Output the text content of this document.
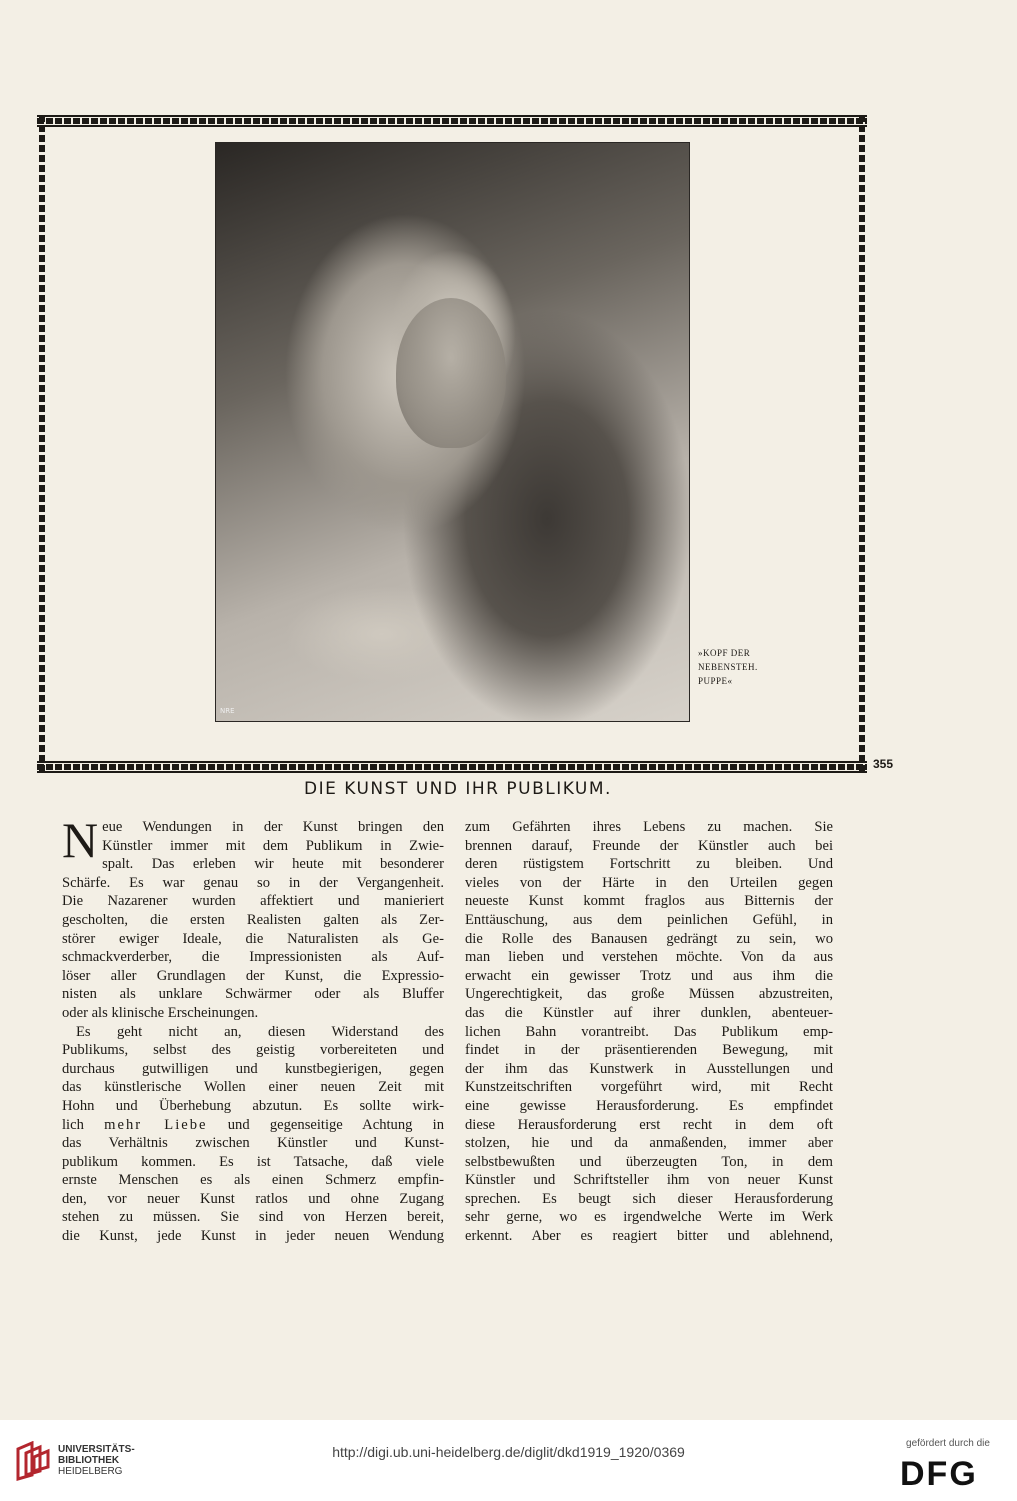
NRE
»KOPF DER
NEBENSTEH.
PUPPE«
355
DIE KUNST UND IHR PUBLIKUM.
N eue Wendungen in der Kunst bringen den
Künstler immer mit dem Publikum in Zwie-
spalt. Das erleben wir heute mit besonderer
Schärfe. Es war genau so in der Vergangenheit.
Die Nazarener wurden affektiert und manieriert
gescholten, die ersten Realisten galten als Zer-
störer ewiger Ideale, die Naturalisten als Ge-
schmackverderber, die Impressionisten als Auf-
löser aller Grundlagen der Kunst, die Expressio-
nisten als unklare Schwärmer oder als Bluffer
oder als klinische Erscheinungen.
Es geht nicht an, diesen Widerstand des
Publikums, selbst des geistig vorbereiteten und
durchaus gutwilligen und kunstbegierigen, gegen
das künstlerische Wollen einer neuen Zeit mit
Hohn und Überhebung abzutun. Es sollte wirk-
lich mehr Liebe und gegenseitige Achtung in
das Verhältnis zwischen Künstler und Kunst-
publikum kommen. Es ist Tatsache, daß viele
ernste Menschen es als einen Schmerz empfin-
den, vor neuer Kunst ratlos und ohne Zugang
stehen zu müssen. Sie sind von Herzen bereit,
die Kunst, jede Kunst in jeder neuen Wendung
zum Gefährten ihres Lebens zu machen. Sie
brennen darauf, Freunde der Künstler auch bei
deren rüstigstem Fortschritt zu bleiben. Und
vieles von der Härte in den Urteilen gegen
neueste Kunst kommt fraglos aus Bitternis der
Enttäuschung, aus dem peinlichen Gefühl, in
die Rolle des Banausen gedrängt zu sein, wo
man lieben und verstehen möchte. Von da aus
erwacht ein gewisser Trotz und aus ihm die
Ungerechtigkeit, das große Müssen abzustreiten,
das die Künstler auf ihrer dunklen, abenteuer-
lichen Bahn vorantreibt. Das Publikum emp-
findet in der präsentierenden Bewegung, mit
der ihm das Kunstwerk in Ausstellungen und
Kunstzeitschriften vorgeführt wird, mit Recht
eine gewisse Herausforderung. Es empfindet
diese Herausforderung erst recht in dem oft
stolzen, hie und da anmaßenden, immer aber
selbstbewußten und überzeugten Ton, in dem
Künstler und Schriftsteller ihm von neuer Kunst
sprechen. Es beugt sich dieser Herausforderung
sehr gerne, wo es irgendwelche Werte im Werk
erkennt. Aber es reagiert bitter und ablehnend,
UNIVERSITÄTS-
BIBLIOTHEK
HEIDELBERG
http://digi.ub.uni-heidelberg.de/diglit/dkd1919_1920/0369
gefördert durch die
DFG
